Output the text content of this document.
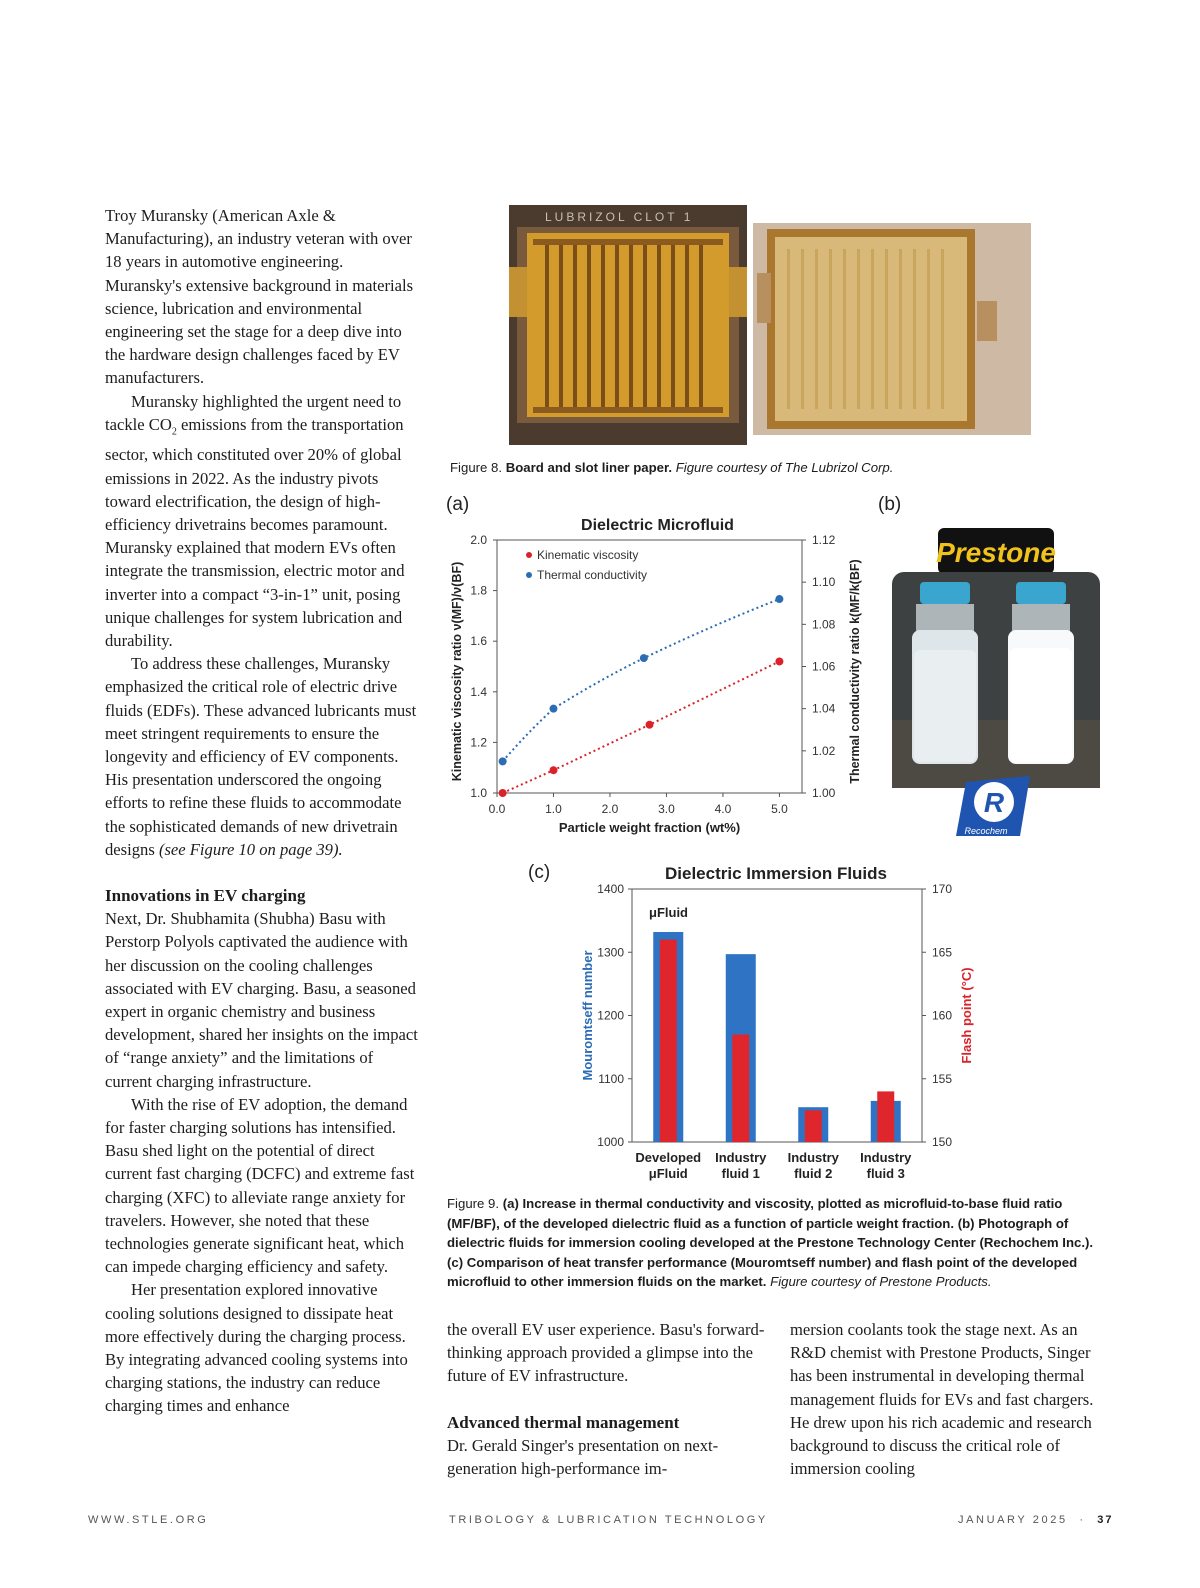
Troy Muransky (American Axle & Manufacturing), an industry veteran with over 18 years in automotive engineering. Muransky's extensive background in materials science, lubrication and environmental engineering set the stage for a deep dive into the hardware design challenges faced by EV manufacturers.

Muransky highlighted the urgent need to tackle $CO_2$ emissions from the transportation sector, which constituted over 20% of global emissions in 2022. As the industry pivots toward electrification, the design of high-efficiency drivetrains becomes paramount. Muransky explained that modern EVs often integrate the transmission, electric motor and inverter into a compact “3-in-1” unit, posing unique challenges for system lubrication and durability.

To address these challenges, Muransky emphasized the critical role of electric drive fluids (EDFs). These advanced lubricants must meet stringent requirements to ensure the longevity and efficiency of EV components. His presentation underscored the ongoing efforts to refine these fluids to accommodate the sophisticated demands of new drivetrain designs (see Figure 10 on page 39).

Innovations in EV charging

Next, Dr. Shubhamita (Shubha) Basu with Perstorp Polyols captivated the audience with her discussion on the cooling challenges associated with EV charging. Basu, a seasoned expert in organic chemistry and business development, shared her insights on the impact of “range anxiety” and the limitations of current charging infrastructure.

With the rise of EV adoption, the demand for faster charging solutions has intensified. Basu shed light on the potential of direct current fast charging (DCFC) and extreme fast charging (XFC) to alleviate range anxiety for travelers. However, she noted that these technologies generate significant heat, which can impede charging efficiency and safety.

Her presentation explored innovative cooling solutions designed to dissipate heat more effectively during the charging process. By integrating advanced cooling systems into charging stations, the industry can reduce charging times and enhance

LUBRIZOL CLOT 1
Figure 8. Board and slot liner paper. Figure courtesy of The Lubrizol Corp.
(a)
Dielectric Microfluid
0.0	1.0	2.0	3.0	4.0	5.0
1.0
1.2
1.4
1.6
1.8
2.0
1.00
1.02
1.04
1.06
1.08
1.10
1.12
Particle weight fraction (wt%)
Kinematic viscosity ratio ν(MF)/ν(BF)	Thermal conductivity ratio k(MF/k(BF)
Kinematic viscosity
Thermal conductivity
(b)
Prestone
R
Recochem
(c)	Dielectric Immersion Fluids
1000
1100
1200
1300
1400
150
155
160
165
170
Mouromtseff number	Flash point (°C)
μFluid
Developed
μFluid
Industry
fluid 1
Industry
fluid 2
Industry
fluid 3
Figure 9. (a) Increase in thermal conductivity and viscosity, plotted as microfluid-to-base fluid ratio (MF/BF), of the developed dielectric fluid as a function of particle weight fraction. (b) Photograph of dielectric fluids for immersion cooling developed at the Prestone Technology Center (Rechochem Inc.). (c) Comparison of heat transfer performance (Mouromtseff number) and flash point of the developed microfluid to other immersion fluids on the market. Figure courtesy of Prestone Products.

the overall EV user experience. Basu's forward-thinking approach provided a glimpse into the future of EV infrastructure.

Advanced thermal management

Dr. Gerald Singer's presentation on next-generation high-performance im-

mersion coolants took the stage next. As an R&D chemist with Prestone Products, Singer has been instrumental in developing thermal management fluids for EVs and fast chargers. He drew upon his rich academic and research background to discuss the critical role of immersion cooling

WWW.STLE.ORG	TRIBOLOGY & LUBRICATION TECHNOLOGY	JANUARY 2025 · 37
